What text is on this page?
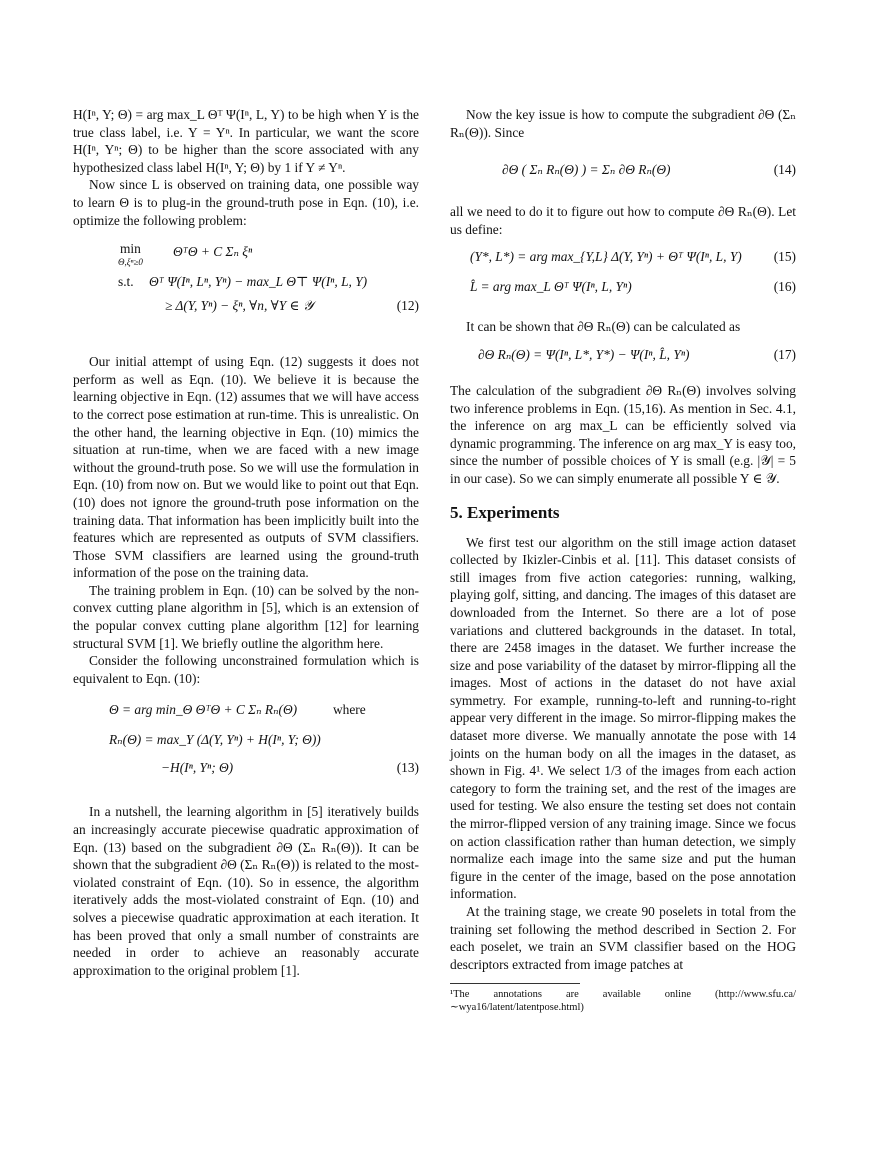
H(Iⁿ, Y; Θ) = arg max_L Θᵀ Ψ(Iⁿ, L, Y) to be high when Y is the true class label, i.e. Y = Yⁿ. In particular, we want the score H(Iⁿ, Yⁿ; Θ) to be higher than the score associated with any hypothesized class label H(Iⁿ, Y; Θ) by 1 if Y ≠ Yⁿ.

Now since L is observed on training data, one possible way to learn Θ is to plug-in the ground-truth pose in Eqn. (10), i.e. optimize the following problem:

min
Θ,ξⁿ≥0
ΘᵀΘ + C Σₙ ξⁿ
s.t. Θᵀ Ψ(Iⁿ, Lⁿ, Yⁿ) − max_L Θ⊤ Ψ(Iⁿ, L, Y)
≥ Δ(Y, Yⁿ) − ξⁿ, ∀n, ∀Y ∈ 𝒴	(12)

Our initial attempt of using Eqn. (12) suggests it does not perform as well as Eqn. (10). We believe it is because the learning objective in Eqn. (12) assumes that we will have access to the correct pose estimation at run-time. This is unrealistic. On the other hand, the learning objective in Eqn. (10) mimics the situation at run-time, when we are faced with a new image without the ground-truth pose. So we will use the formulation in Eqn. (10) from now on. But we would like to point out that Eqn. (10) does not ignore the ground-truth pose information on the training data. That information has been implicitly built into the features which are represented as outputs of SVM classifiers. Those SVM classifiers are learned using the ground-truth information of the pose on the training data.

The training problem in Eqn. (10) can be solved by the non-convex cutting plane algorithm in [5], which is an extension of the popular convex cutting plane algorithm [12] for learning structural SVM [1]. We briefly outline the algorithm here.

Consider the following unconstrained formulation which is equivalent to Eqn. (10):

Θ = arg min_Θ ΘᵀΘ + C Σₙ Rₙ(Θ)	where
Rₙ(Θ) = max_Y (Δ(Y, Yⁿ) + H(Iⁿ, Y; Θ))
−H(Iⁿ, Yⁿ; Θ)	(13)

In a nutshell, the learning algorithm in [5] iteratively builds an increasingly accurate piecewise quadratic approximation of Eqn. (13) based on the subgradient ∂Θ (Σₙ Rₙ(Θ)). It can be shown that the subgradient ∂Θ (Σₙ Rₙ(Θ)) is related to the most-violated constraint of Eqn. (10). So in essence, the algorithm iteratively adds the most-violated constraint of Eqn. (10) and solves a piecewise quadratic approximation at each iteration. It has been proved that only a small number of constraints are needed in order to achieve an reasonably accurate approximation to the original problem [1].

Now the key issue is how to compute the subgradient ∂Θ (Σₙ Rₙ(Θ)). Since

∂Θ ( Σₙ Rₙ(Θ) ) = Σₙ ∂Θ Rₙ(Θ)	(14)

all we need to do it to figure out how to compute ∂Θ Rₙ(Θ). Let us define:

(Y*, L*) = arg max_{Y,L} Δ(Y, Yⁿ) + Θᵀ Ψ(Iⁿ, L, Y) (15)
L̂ = arg max_L Θᵀ Ψ(Iⁿ, L, Yⁿ)	(16)

It can be shown that ∂Θ Rₙ(Θ) can be calculated as

∂Θ Rₙ(Θ) = Ψ(Iⁿ, L*, Y*) − Ψ(Iⁿ, L̂, Yⁿ)	(17)

The calculation of the subgradient ∂Θ Rₙ(Θ) involves solving two inference problems in Eqn. (15,16). As mention in Sec. 4.1, the inference on arg max_L can be efficiently solved via dynamic programming. The inference on arg max_Y is easy too, since the number of possible choices of Y is small (e.g. |𝒴| = 5 in our case). So we can simply enumerate all possible Y ∈ 𝒴.

5. Experiments

We first test our algorithm on the still image action dataset collected by Ikizler-Cinbis et al. [11]. This dataset consists of still images from five action categories: running, walking, playing golf, sitting, and dancing. The images of this dataset are downloaded from the Internet. So there are a lot of pose variations and cluttered backgrounds in the dataset. In total, there are 2458 images in the dataset. We further increase the size and pose variability of the dataset by mirror-flipping all the images. Most of actions in the dataset do not have axial symmetry. For example, running-to-left and running-to-right appear very different in the image. So mirror-flipping makes the dataset more diverse. We manually annotate the pose with 14 joints on the human body on all the images in the dataset, as shown in Fig. 4¹. We select 1/3 of the images from each action category to form the training set, and the rest of the images are used for testing. We also ensure the testing set does not contain the mirror-flipped version of any training image. Since we focus on action classification rather than human detection, we simply normalize each image into the same size and put the human figure in the center of the image, based on the pose annotation information.

At the training stage, we create 90 poselets in total from the training set following the method described in Section 2. For each poselet, we train an SVM classifier based on the HOG descriptors extracted from image patches at

¹The annotations are available online (http://www.sfu.ca/∼wya16/latent/latentpose.html)
